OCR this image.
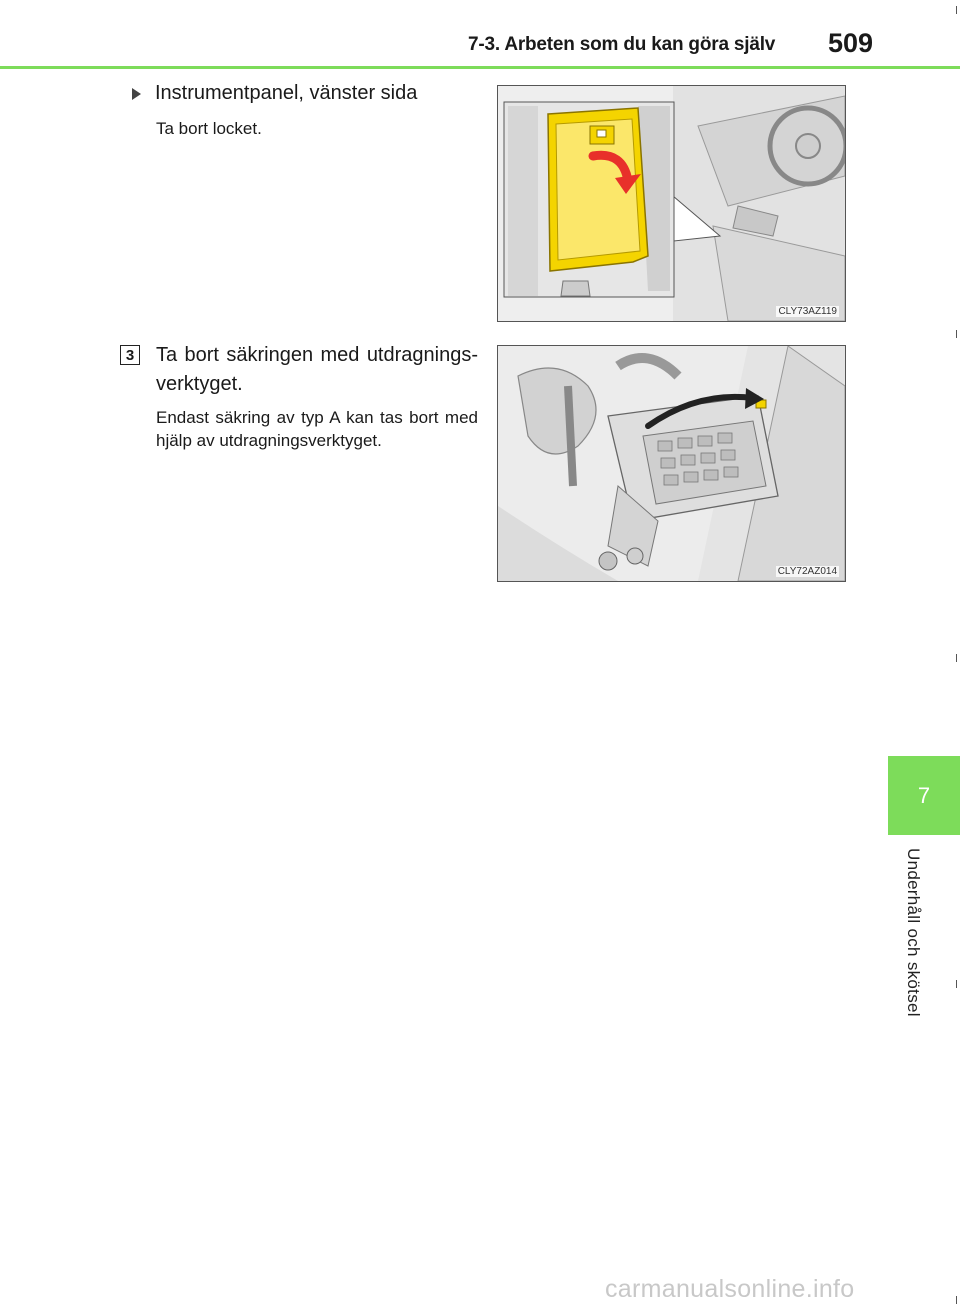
7-3. Arbeten som du kan göra själv 509
Instrumentpanel, vänster sida
Ta bort locket.
3 Ta bort säkringen med utdragnings-verktyget.
Endast säkring av typ A kan tas bort med hjälp av utdragningsverktyget.
CLY73AZ119
CLY72AZ014
7
Underhåll och skötsel
carmanualsonline.info
